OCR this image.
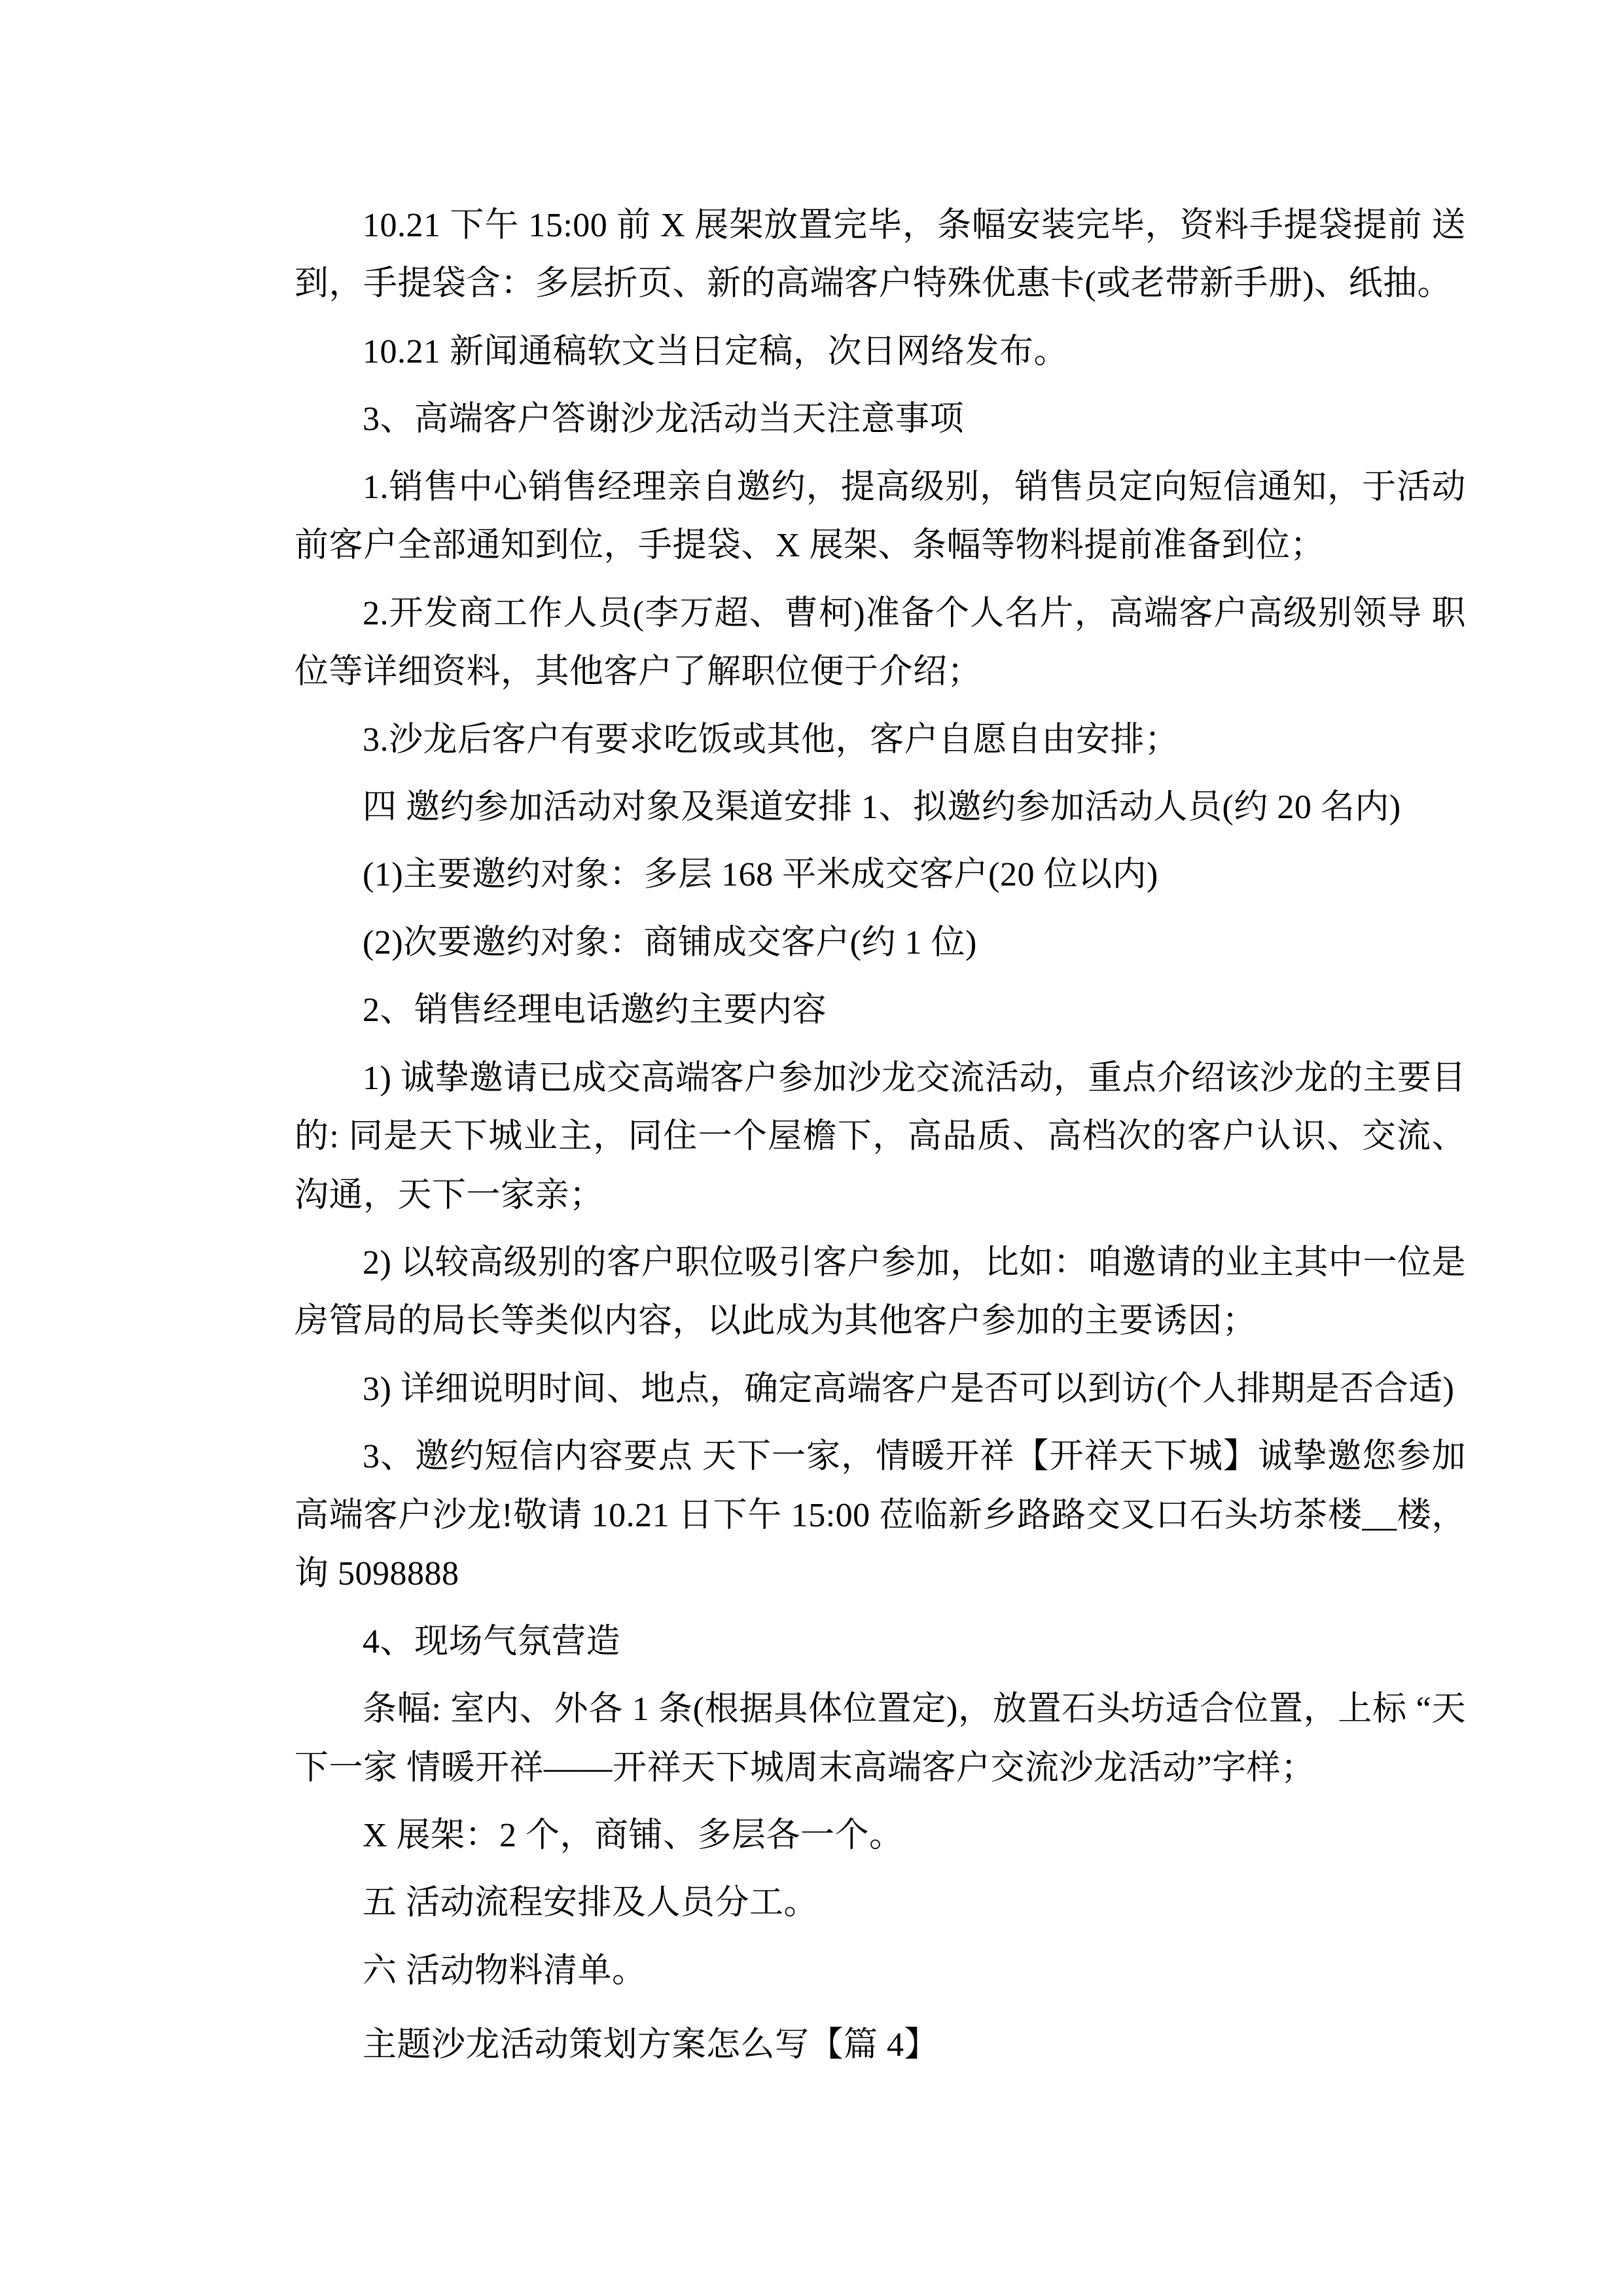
10.21 下午 15:00 前 X 展架放置完毕，条幅安装完毕，资料手提袋提前 送到，手提袋含：多层折页、新的高端客户特殊优惠卡(或老带新手册)、纸抽。

10.21 新闻通稿软文当日定稿，次日网络发布。

3、高端客户答谢沙龙活动当天注意事项

1.销售中心销售经理亲自邀约，提高级别，销售员定向短信通知，于活动前客户全部通知到位，手提袋、X 展架、条幅等物料提前准备到位；

2.开发商工作人员(李万超、曹柯)准备个人名片，高端客户高级别领导 职位等详细资料，其他客户了解职位便于介绍；

3.沙龙后客户有要求吃饭或其他，客户自愿自由安排；

四 邀约参加活动对象及渠道安排 1、拟邀约参加活动人员(约 20 名内)

(1)主要邀约对象：多层 168 平米成交客户(20 位以内)

(2)次要邀约对象：商铺成交客户(约 1 位)

2、销售经理电话邀约主要内容

1) 诚挚邀请已成交高端客户参加沙龙交流活动，重点介绍该沙龙的主要目的: 同是天下城业主，同住一个屋檐下，高品质、高档次的客户认识、交流、沟通，天下一家亲；

2) 以较高级别的客户职位吸引客户参加，比如：咱邀请的业主其中一位是房管局的局长等类似内容，以此成为其他客户参加的主要诱因；

3) 详细说明时间、地点，确定高端客户是否可以到访(个人排期是否合适)

3、邀约短信内容要点 天下一家，情暖开祥【开祥天下城】诚挚邀您参加高端客户沙龙!敬请 10.21 日下午 15:00 莅临新乡路路交叉口石头坊茶楼__楼，询 5098888

4、现场气氛营造

条幅: 室内、外各 1 条(根据具体位置定)，放置石头坊适合位置，上标 “天下一家 情暖开祥——开祥天下城周末高端客户交流沙龙活动”字样；

X 展架：2 个，商铺、多层各一个。

五 活动流程安排及人员分工。

六 活动物料清单。

主题沙龙活动策划方案怎么写【篇 4】
